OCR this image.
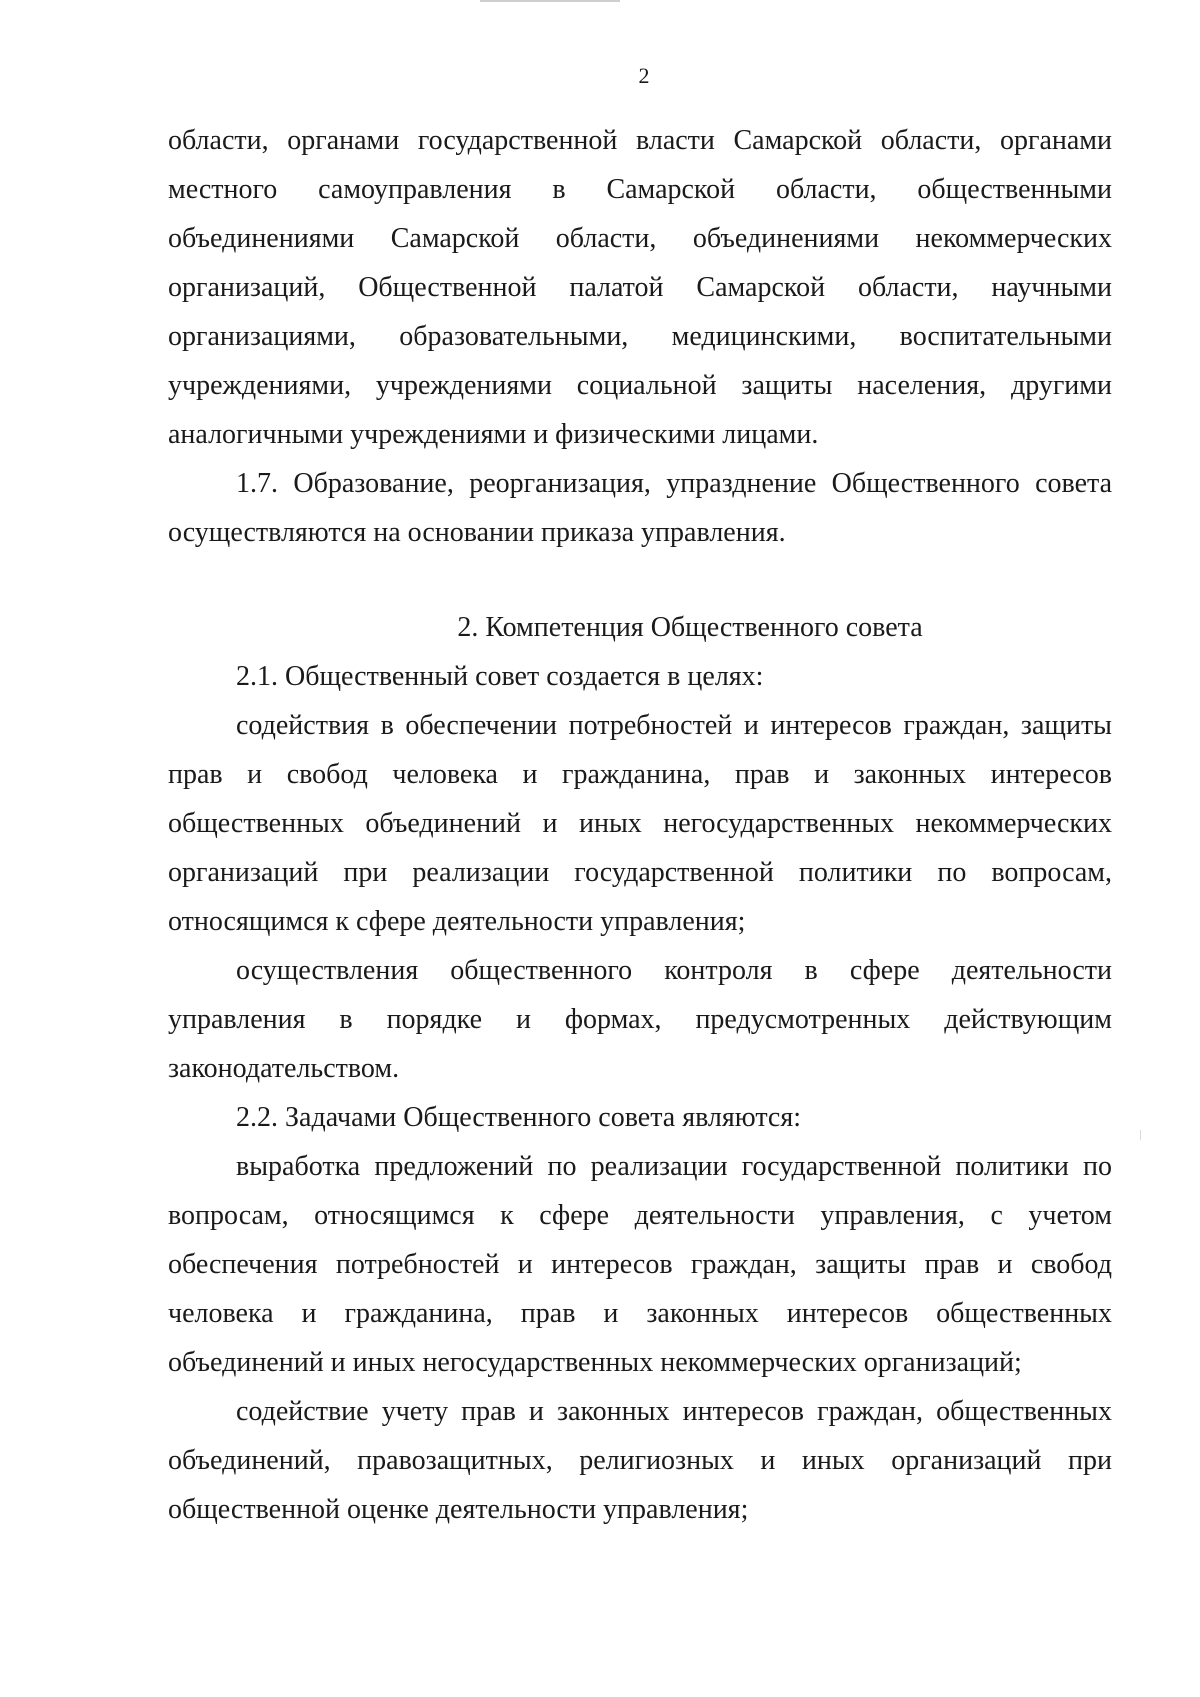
2

области, органами государственной власти Самарской области, органами местного самоуправления в Самарской области, общественными объединениями Самарской области, объединениями некоммерческих организаций, Общественной палатой Самарской области, научными организациями, образовательными, медицинскими, воспитательными учреждениями, учреждениями социальной защиты населения, другими аналогичными учреждениями и физическими лицами.

1.7. Образование, реорганизация, упразднение Общественного совета осуществляются на основании приказа управления.

2. Компетенция Общественного совета

2.1. Общественный совет создается в целях:

содействия в обеспечении потребностей и интересов граждан, защиты прав и свобод человека и гражданина, прав и законных интересов общественных объединений и иных негосударственных некоммерческих организаций при реализации государственной политики по вопросам, относящимся к сфере деятельности управления;

осуществления общественного контроля в сфере деятельности управления в порядке и формах, предусмотренных действующим законодательством.

2.2. Задачами Общественного совета являются:

выработка предложений по реализации государственной политики по вопросам, относящимся к сфере деятельности управления, с учетом обеспечения потребностей и интересов граждан, защиты прав и свобод человека и гражданина, прав и законных интересов общественных объединений и иных негосударственных некоммерческих организаций;

содействие учету прав и законных интересов граждан, общественных объединений, правозащитных, религиозных и иных организаций при общественной оценке деятельности управления;
